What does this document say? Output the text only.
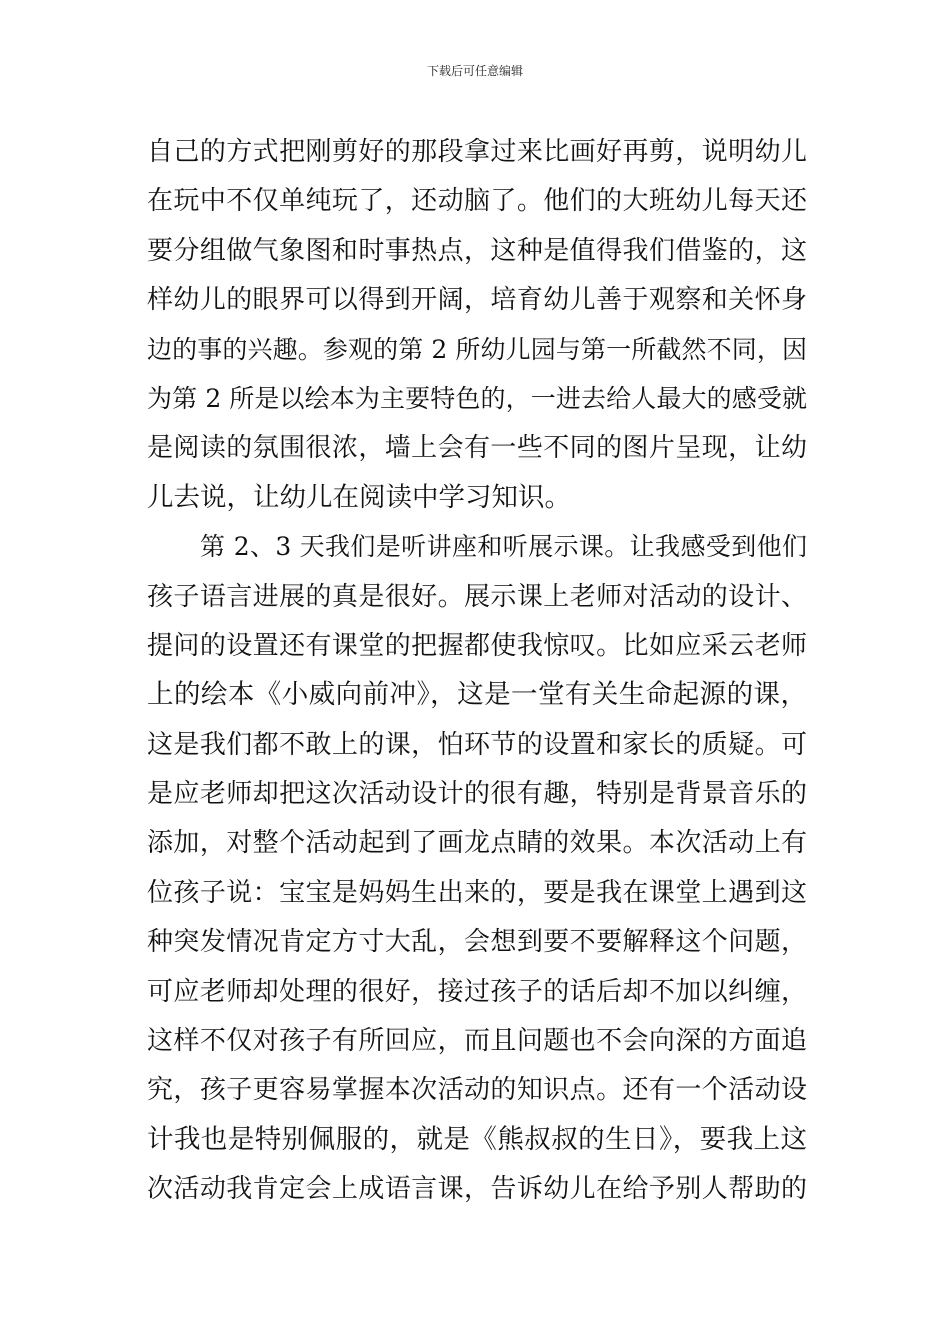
下载后可任意编辑
自己的方式把刚剪好的那段拿过来比画好再剪，说明幼儿
在玩中不仅单纯玩了，还动脑了。他们的大班幼儿每天还
要分组做气象图和时事热点，这种是值得我们借鉴的，这
样幼儿的眼界可以得到开阔，培育幼儿善于观察和关怀身
边的事的兴趣。参观的第 2 所幼儿园与第一所截然不同，因
为第 2 所是以绘本为主要特色的，一进去给人最大的感受就
是阅读的氛围很浓，墙上会有一些不同的图片呈现，让幼
儿去说，让幼儿在阅读中学习知识。
第 2、3 天我们是听讲座和听展示课。让我感受到他们
孩子语言进展的真是很好。展示课上老师对活动的设计、
提问的设置还有课堂的把握都使我惊叹。比如应采云老师
上的绘本《小威向前冲》，这是一堂有关生命起源的课，
这是我们都不敢上的课，怕环节的设置和家长的质疑。可
是应老师却把这次活动设计的很有趣，特别是背景音乐的
添加，对整个活动起到了画龙点睛的效果。本次活动上有
位孩子说：宝宝是妈妈生出来的，要是我在课堂上遇到这
种突发情况肯定方寸大乱，会想到要不要解释这个问题，
可应老师却处理的很好，接过孩子的话后却不加以纠缠，
这样不仅对孩子有所回应，而且问题也不会向深的方面追
究，孩子更容易掌握本次活动的知识点。还有一个活动设
计我也是特别佩服的，就是《熊叔叔的生日》，要我上这
次活动我肯定会上成语言课，告诉幼儿在给予别人帮助的
